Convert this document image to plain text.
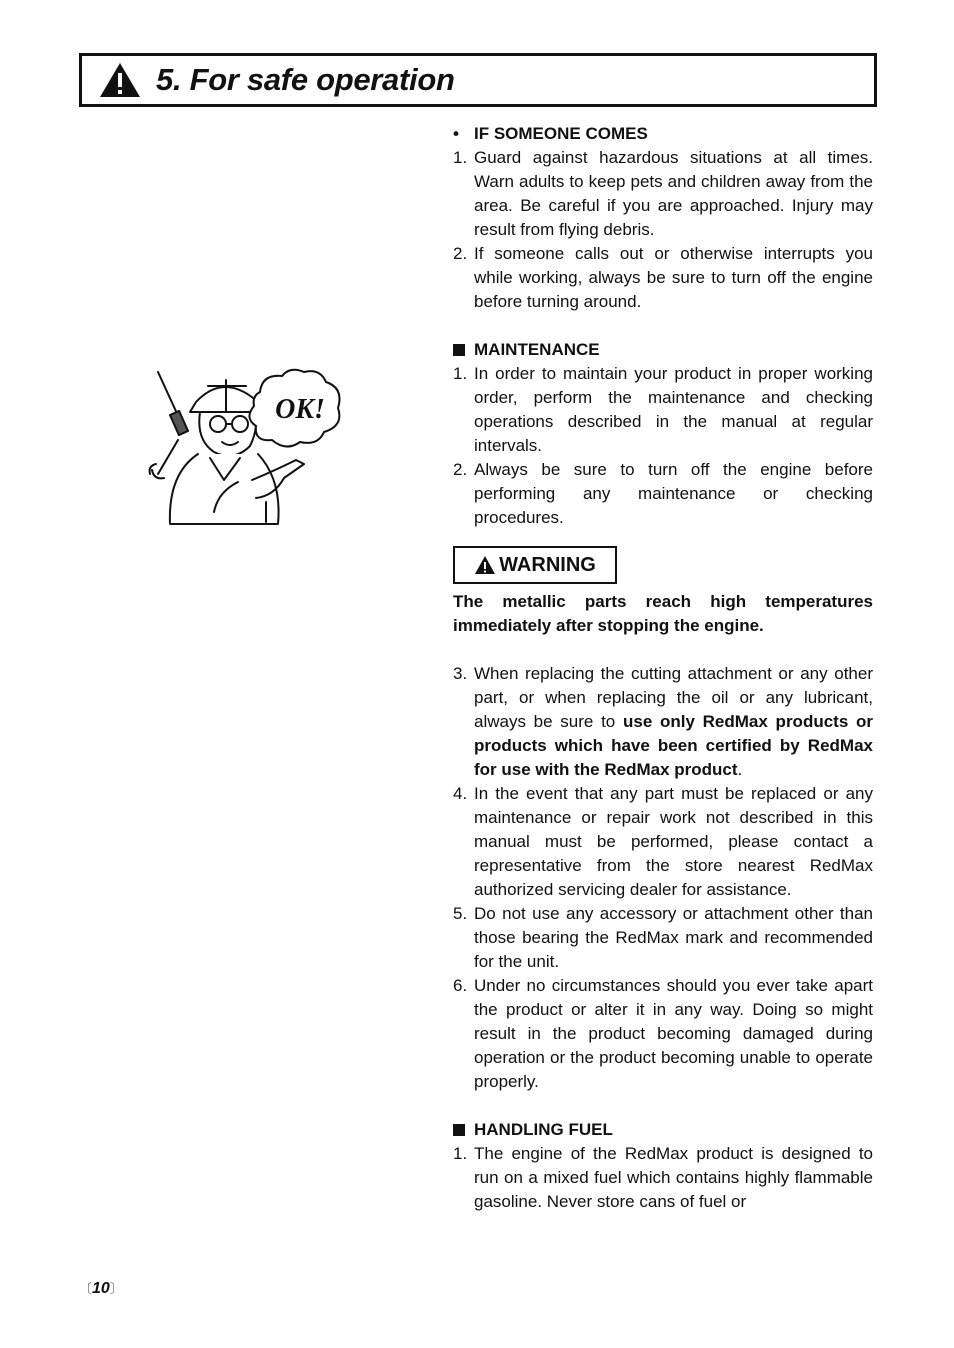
5. For safe operation
OK!
• IF SOMEONE COMES
1. Guard against hazardous situations at all times. Warn adults to keep pets and children away from the area. Be careful if you are approached. Injury may result from flying debris.
2. If someone calls out or otherwise interrupts you while working, always be sure to turn off the engine before turning around.
MAINTENANCE
1. In order to maintain your product in proper working order, perform the maintenance and checking operations described in the manual at regular intervals.
2. Always be sure to turn off the engine before performing any maintenance or checking procedures.
WARNING
The metallic parts reach high temperatures immediately after stopping the engine.
3. When replacing the cutting attachment or any other part, or when replacing the oil or any lubricant, always be sure to use only RedMax products or products which have been certified by RedMax for use with the RedMax product.
4. In the event that any part must be replaced or any maintenance or repair work not described in this manual must be performed, please contact a representative from the store nearest RedMax authorized servicing dealer for assistance.
5. Do not use any accessory or attachment other than those bearing the RedMax mark and recommended for the unit.
6. Under no circumstances should you ever take apart the product or alter it in any way. Doing so might result in the product becoming damaged during operation or the product becoming unable to operate properly.
HANDLING FUEL
1. The engine of the RedMax product is designed to run on a mixed fuel which contains highly flammable gasoline. Never store cans of fuel or
〔10〕
